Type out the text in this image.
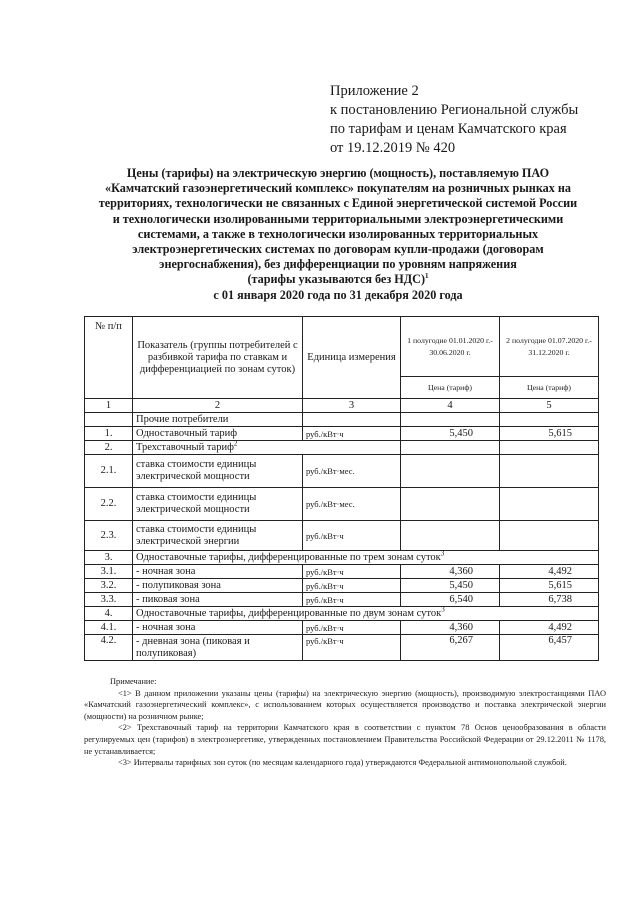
Приложение 2
к постановлению Региональной службы
по тарифам и ценам Камчатского края
от 19.12.2019 № 420
Цены (тарифы) на электрическую энергию (мощность), поставляемую ПАО
«Камчатский газоэнергетический комплекс» покупателям на розничных рынках на
территориях, технологически не связанных с Единой энергетической системой России
и технологически изолированными территориальными электроэнергетическими
системами, а также в технологически изолированных территориальных
электроэнергетических системах по договорам купли-продажи (договорам
энергоснабжения), без дифференциации по уровням напряжения
(тарифы указываются без НДС)$^1$
с 01 января 2020 года по 31 декабря 2020 года
№ п/п	Показатель (группы потребителей с разбивкой тарифа по ставкам и дифференциацией по зонам суток)	Единица измерения	1 полугодие 01.01.2020 г.- 30.06.2020 г.	2 полугодие 01.07.2020 г.- 31.12.2020 г.
			Цена (тариф)	Цена (тариф)
1	2	3	4	5
	Прочие потребители			
1.	Одноставочный тариф	руб./кВт·ч	5,450	5,615
2.	Трехставочный тариф$^2$		
2.1.	ставка стоимости единицы электрической мощности	руб./кВт·мес.		
2.2.	ставка стоимости единицы электрической мощности	руб./кВт·мес.		
2.3.	ставка стоимости единицы электрической энергии	руб./кВт·ч		
3.	Одноставочные тарифы, дифференцированные по трем зонам суток$^3$
3.1.	- ночная зона	руб./кВт·ч	4,360	4,492
3.2.	- полупиковая зона	руб./кВт·ч	5,450	5,615
3.3.	- пиковая зона	руб./кВт·ч	6,540	6,738
4.	Одноставочные тарифы, дифференцированные по двум зонам суток$^3$
4.1.	- ночная зона	руб./кВт·ч	4,360	4,492
4.2.	- дневная зона (пиковая и полупиковая)	руб./кВт·ч	6,267	6,457
Примечание:

<1> В данном приложении указаны цены (тарифы) на электрическую энергию (мощность), производимую электростанциями ПАО «Камчатский газоэнергетический комплекс», с использованием которых осуществляется производство и поставка электрической энергии (мощности) на розничном рынке;

<2> Трехставочный тариф на территории Камчатского края в соответствии с пунктом 78 Основ ценообразования в области регулируемых цен (тарифов) в электроэнергетике, утвержденных постановлением Правительства Российской Федерации от 29.12.2011 № 1178, не устанавливается;

<3> Интервалы тарифных зон суток (по месяцам календарного года) утверждаются Федеральной антимонопольной службой.
